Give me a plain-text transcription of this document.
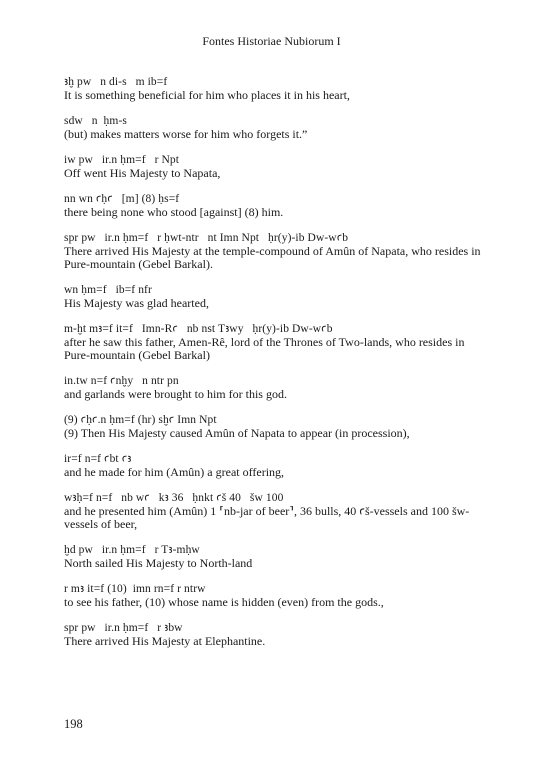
Fontes Historiae Nubiorum I
ꜣḫ pw   n di-s   m ib=f
It is something beneficial for him who places it in his heart,
sdw   n  ḥm-s
(but) makes matters worse for him who forgets it.”
iw pw   ir.n ḥm=f   r Npt
Off went His Majesty to Napata,
nn wn ꜥḥꜥ   [m] (8) ḥs=f
there being none who stood [against] (8) him.
spr pw   ir.n ḥm=f   r ḥwt-ntr   nt Imn Npt   ḥr(y)-ib Dw-wꜥb
There arrived His Majesty at the temple-compound of Amûn of Napata, who resides in Pure-mountain (Gebel Barkal).
wn ḥm=f   ib=f nfr
His Majesty was glad hearted,
m-ḫt mꜣ=f it=f   Imn-Rꜥ   nb nst Tꜣwy   ḥr(y)-ib Dw-wꜥb
after he saw this father, Amen-Rê, lord of the Thrones of Two-lands, who resides in Pure-mountain (Gebel Barkal)
in.tw n=f ꜥnḫy   n ntr pn
and garlands were brought to him for this god.
(9) ꜥḥꜥ.n ḥm=f (hr) sḫꜥ Imn Npt
(9) Then His Majesty caused Amûn of Napata to appear (in procession),
ir=f n=f ꜥbt ꜥꜣ
and he made for him (Amûn) a great offering,
wꜣḥ=f n=f   nb wꜥ   kꜣ 36   ḥnkt ꜥš 40   šw 100
and he presented him (Amûn) 1 ⸢nb-jar of beer⸣, 36 bulls, 40 ꜥš-vessels and 100 šw-vessels of beer,
ḫd pw   ir.n ḥm=f   r Tꜣ-mḥw
North sailed His Majesty to North-land
r mꜣ it=f (10)  imn rn=f r ntrw
to see his father, (10) whose name is hidden (even) from the gods.,
spr pw   ir.n ḥm=f   r ꜣbw
There arrived His Majesty at Elephantine.
198
